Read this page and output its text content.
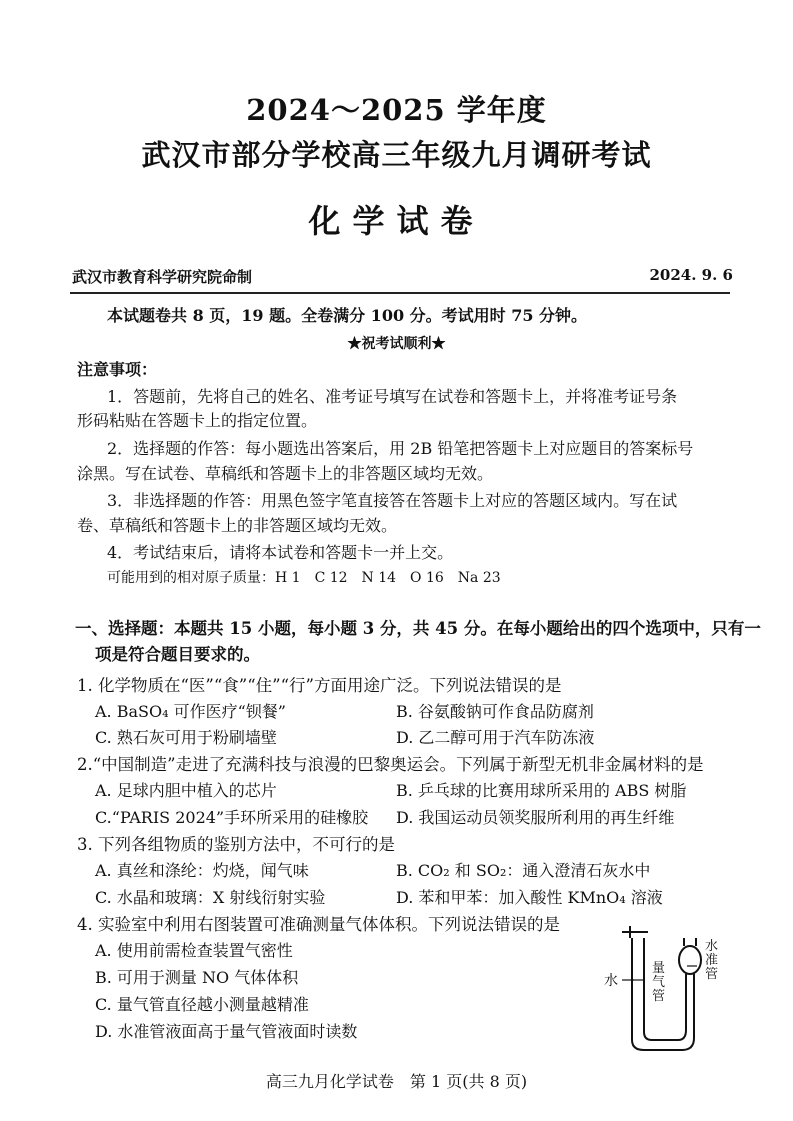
2024～2025 学年度
武汉市部分学校高三年级九月调研考试
化学试卷
武汉市教育科学研究院命制	2024. 9. 6
本试题卷共 8 页，19 题。全卷满分 100 分。考试用时 75 分钟。
★祝考试顺利★
注意事项：
1．答题前，先将自己的姓名、准考证号填写在试卷和答题卡上，并将准考证号条
形码粘贴在答题卡上的指定位置。
2．选择题的作答：每小题选出答案后，用 2B 铅笔把答题卡上对应题目的答案标号
涂黑。写在试卷、草稿纸和答题卡上的非答题区域均无效。
3．非选择题的作答：用黑色签字笔直接答在答题卡上对应的答题区域内。写在试
卷、草稿纸和答题卡上的非答题区域均无效。
4．考试结束后，请将本试卷和答题卡一并上交。
可能用到的相对原子质量：H 1　C 12　N 14　O 16　Na 23
一、选择题：本题共 15 小题，每小题 3 分，共 45 分。在每小题给出的四个选项中，只有一
项是符合题目要求的。
1. 化学物质在“医”“食”“住”“行”方面用途广泛。下列说法错误的是
A. BaSO₄ 可作医疗“钡餐”	B. 谷氨酸钠可作食品防腐剂
C. 熟石灰可用于粉刷墙壁	D. 乙二醇可用于汽车防冻液
2.“中国制造”走进了充满科技与浪漫的巴黎奥运会。下列属于新型无机非金属材料的是
A. 足球内胆中植入的芯片	B. 乒乓球的比赛用球所采用的 ABS 树脂
C.“PARIS 2024”手环所采用的硅橡胶 D. 我国运动员领奖服所利用的再生纤维
3. 下列各组物质的鉴别方法中，不可行的是
A. 真丝和涤纶：灼烧，闻气味	B. CO₂ 和 SO₂：通入澄清石灰水中
C. 水晶和玻璃：X 射线衍射实验	D. 苯和甲苯：加入酸性 KMnO₄ 溶液
4. 实验室中利用右图装置可准确测量气体体积。下列说法错误的是
A. 使用前需检查装置气密性
B. 可用于测量 NO 气体体积
C. 量气管直径越小测量越精准
D. 水准管液面高于量气管液面时读数
水
量气管
水准管
高三九月化学试卷　第 1 页(共 8 页)
